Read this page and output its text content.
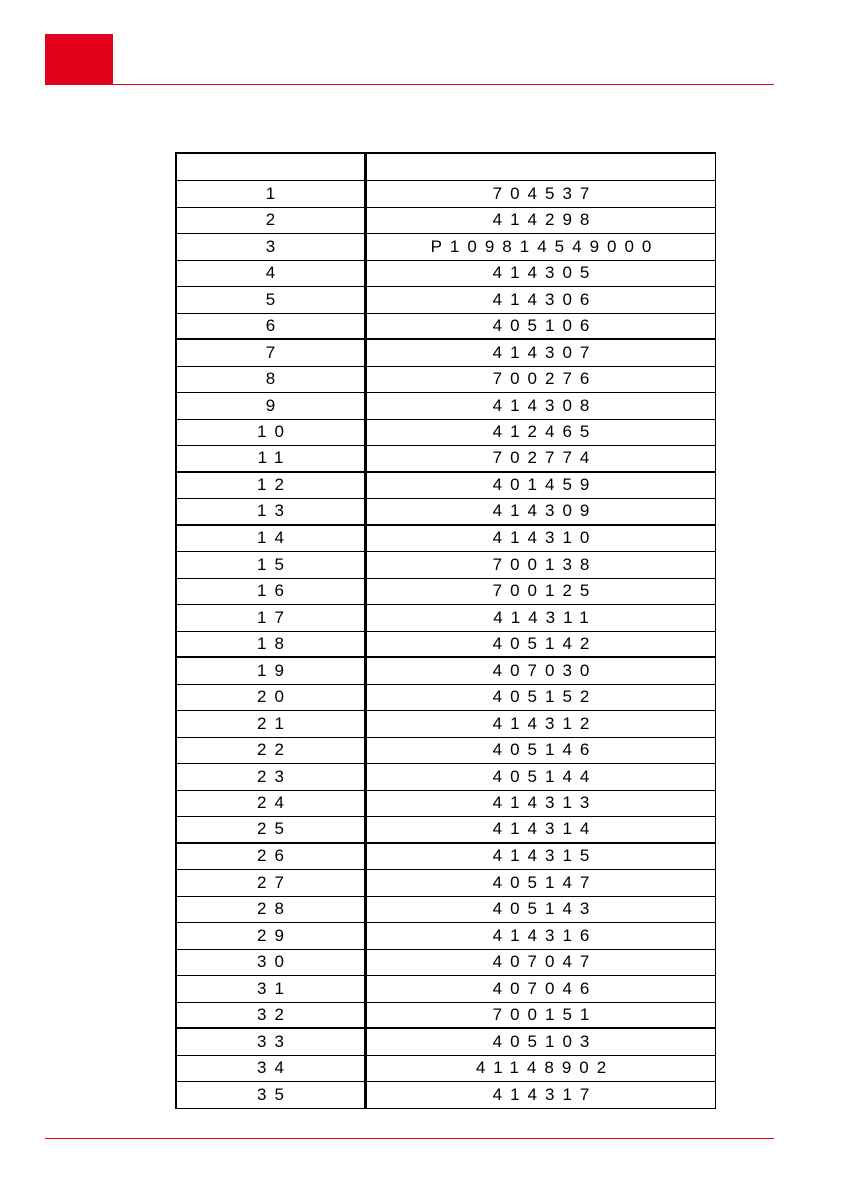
1	704537
2	414298
3	P109814549000
4	414305
5	414306
6	405106
7	414307
8	700276
9	414308
10	412465
11	702774
12	401459
13	414309
14	414310
15	700138
16	700125
17	414311
18	405142
19	407030
20	405152
21	414312
22	405146
23	405144
24	414313
25	414314
26	414315
27	405147
28	405143
29	414316
30	407047
31	407046
32	700151
33	405103
34	41148902
35	414317
